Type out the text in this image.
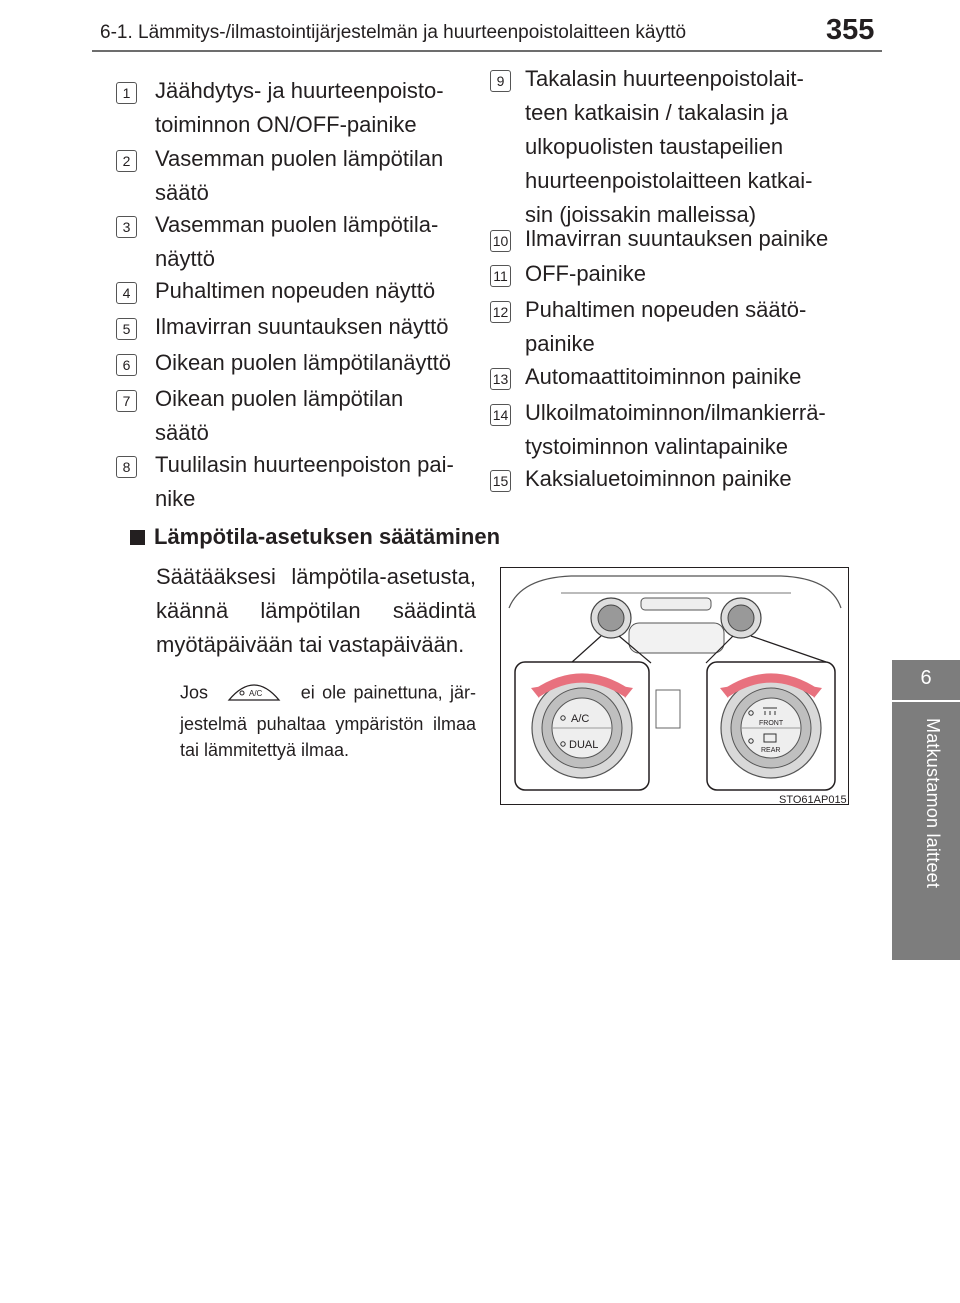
6-1. Lämmitys-/ilmastointijärjestelmän ja huurteenpoistolaitteen käyttö	355
6
Matkustamon laitteet
1	Jäähdytys- ja huurteenpoisto-
toiminnon ON/OFF-painike
2	Vasemman puolen lämpötilan
säätö
3	Vasemman puolen lämpötila-
näyttö
4	Puhaltimen nopeuden näyttö
5	Ilmavirran suuntauksen näyttö
6	Oikean puolen lämpötilanäyttö
7	Oikean puolen lämpötilan
säätö
8	Tuulilasin huurteenpoiston pai-
nike
9 Takalasin huurteenpoistolait-
teen katkaisin / takalasin ja
ulkopuolisten taustapeilien
huurteenpoistolaitteen katkai-
sin (joissakin malleissa)
10 Ilmavirran suuntauksen painike
11 OFF-painike
12 Puhaltimen nopeuden säätö-
painike
13 Automaattitoiminnon painike
14 Ulkoilmatoiminnon/ilmankierrä-
tystoiminnon valintapainike
15 Kaksialuetoiminnon painike
Lämpötila-asetuksen säätäminen
Säätääksesi lämpötila-asetusta, käännä lämpötilan säädintä myötäpäivään tai vastapäivään.
Jos	A/C ei ole painettuna, jär-jestelmä puhaltaa ympäristön ilmaa tai lämmitettyä ilmaa.
A/C
DUAL
FRONT
REAR
STO61AP015
